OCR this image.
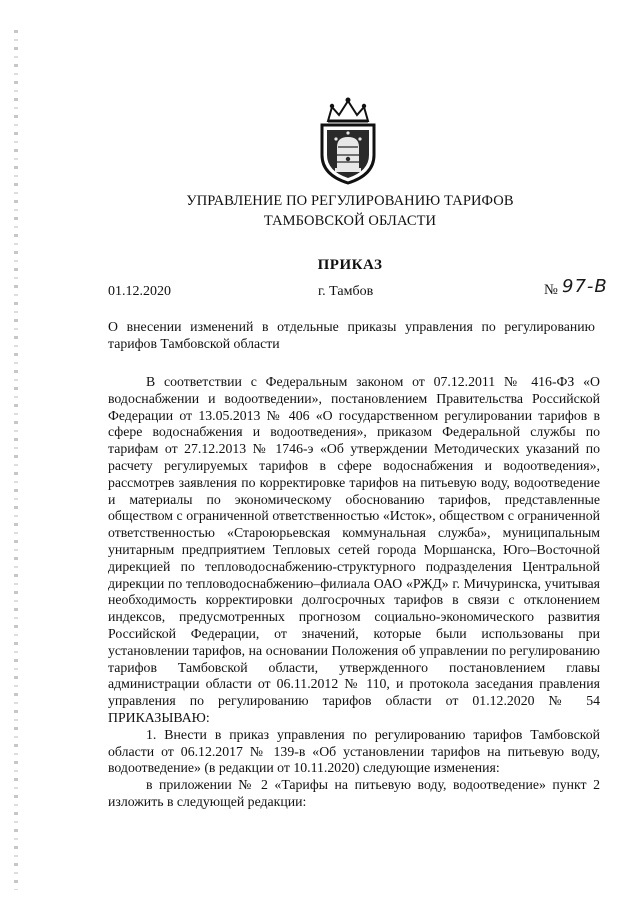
УПРАВЛЕНИЕ ПО РЕГУЛИРОВАНИЮ ТАРИФОВ
ТАМБОВСКОЙ ОБЛАСТИ
ПРИКАЗ
01.12.2020	г. Тамбов	№ 97-В
О внесении изменений в отдельные приказы управления по регулированию тарифов Тамбовской области

В соответствии с Федеральным законом от 07.12.2011 № 416-ФЗ «О водоснабжении и водоотведении», постановлением Правительства Российской Федерации от 13.05.2013 № 406 «О государственном регулировании тарифов в сфере водоснабжения и водоотведения», приказом Федеральной службы по тарифам от 27.12.2013 № 1746-э «Об утверждении Методических указаний по расчету регулируемых тарифов в сфере водоснабжения и водоотведения», рассмотрев заявления по корректировке тарифов на питьевую воду, водоотведение и материалы по экономическому обоснованию тарифов, представленные обществом с ограниченной ответственностью «Исток», обществом с ограниченной ответственностью «Староюрьевская коммунальная служба», муниципальным унитарным предприятием Тепловых сетей города Моршанска, Юго–Восточной дирекцией по тепловодоснабжению-структурного подразделения Центральной дирекции по тепловодоснабжению–филиала ОАО «РЖД» г. Мичуринска, учитывая необходимость корректировки долгосрочных тарифов в связи с отклонением индексов, предусмотренных прогнозом социально-экономического развития Российской Федерации, от значений, которые были использованы при установлении тарифов, на основании Положения об управлении по регулированию тарифов Тамбовской области, утвержденного постановлением главы администрации области от 06.11.2012 № 110, и протокола заседания правления управления по регулированию тарифов области от 01.12.2020 № 54 ПРИКАЗЫВАЮ:

1. Внести в приказ управления по регулированию тарифов Тамбовской области от 06.12.2017 № 139-в «Об установлении тарифов на питьевую воду, водоотведение» (в редакции от 10.11.2020) следующие изменения:

в приложении № 2 «Тарифы на питьевую воду, водоотведение» пункт 2 изложить в следующей редакции:
